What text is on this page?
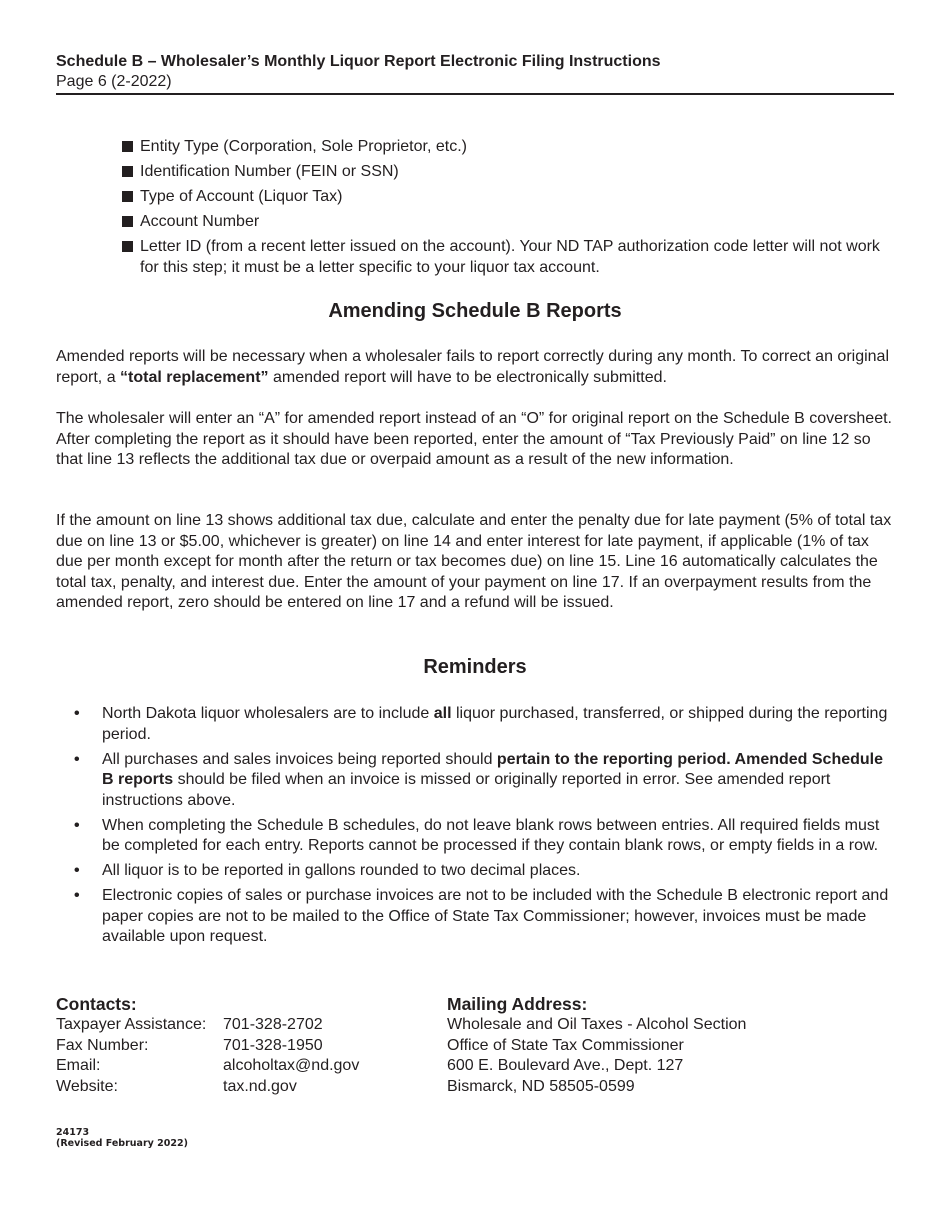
Schedule B – Wholesaler’s Monthly Liquor Report Electronic Filing Instructions
Page 6 (2-2022)
Entity Type (Corporation, Sole Proprietor, etc.)
Identification Number (FEIN or SSN)
Type of Account (Liquor Tax)
Account Number
Letter ID (from a recent letter issued on the account). Your ND TAP authorization code letter will not work for this step; it must be a letter specific to your liquor tax account.
Amending Schedule B Reports

Amended reports will be necessary when a wholesaler fails to report correctly during any month. To correct an original report, a “total replacement” amended report will have to be electronically submitted.

The wholesaler will enter an “A” for amended report instead of an “O” for original report on the Schedule B coversheet. After completing the report as it should have been reported, enter the amount of “Tax Previously Paid” on line 12 so that line 13 reflects the additional tax due or overpaid amount as a result of the new information.

If the amount on line 13 shows additional tax due, calculate and enter the penalty due for late payment (5% of total tax due on line 13 or $5.00, whichever is greater) on line 14 and enter interest for late payment, if applicable (1% of tax due per month except for month after the return or tax becomes due) on line 15. Line 16 automatically calculates the total tax, penalty, and interest due. Enter the amount of your payment on line 17. If an overpayment results from the amended report, zero should be entered on line 17 and a refund will be issued.

Reminders
• North Dakota liquor wholesalers are to include all liquor purchased, transferred, or shipped during the reporting period.
• All purchases and sales invoices being reported should pertain to the reporting period. Amended Schedule B reports should be filed when an invoice is missed or originally reported in error. See amended report instructions above.
• When completing the Schedule B schedules, do not leave blank rows between entries. All required fields must be completed for each entry. Reports cannot be processed if they contain blank rows, or empty fields in a row.
• All liquor is to be reported in gallons rounded to two decimal places.
• Electronic copies of sales or purchase invoices are not to be included with the Schedule B electronic report and paper copies are not to be mailed to the Office of State Tax Commissioner; however, invoices must be made available upon request.
Contacts:
Taxpayer Assistance:	701-328-2702
Fax Number:	701-328-1950
Email:	alcoholtax@nd.gov
Website:	tax.nd.gov
Mailing Address:
Wholesale and Oil Taxes - Alcohol Section
Office of State Tax Commissioner
600 E. Boulevard Ave., Dept. 127
Bismarck, ND 58505-0599
24173
(Revised February 2022)
